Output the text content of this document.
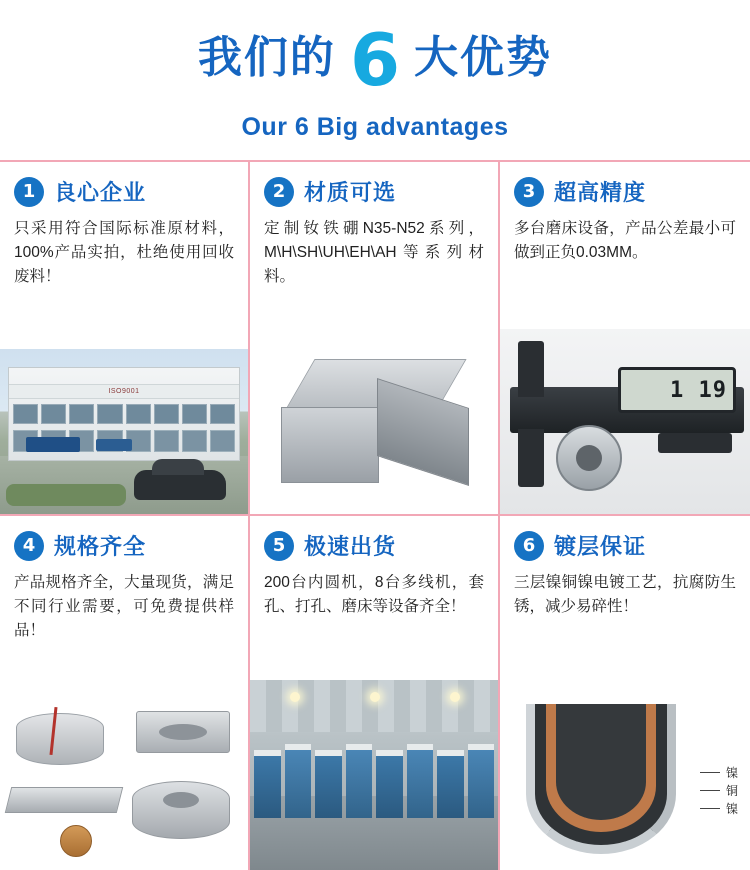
我们的 6 大优势
Our 6 Big advantages
1 良心企业
只采用符合国际标准原材料，100%产品实拍，杜绝使用回收废料！
ISO9001
2 材质可选
定制钕铁硼N35-N52系列，M\H\SH\UH\EH\AH等系列材料。
3 超高精度
多台磨床设备，产品公差最小可做到正负0.03MM。
1 19
4 规格齐全
产品规格齐全，大量现货，满足不同行业需要，可免费提供样品！
5 极速出货
200台内圆机，8台多线机，套孔、打孔、磨床等设备齐全！
6 镀层保证
三层镍铜镍电镀工艺，抗腐防生锈，减少易碎性！
镍
铜
镍
